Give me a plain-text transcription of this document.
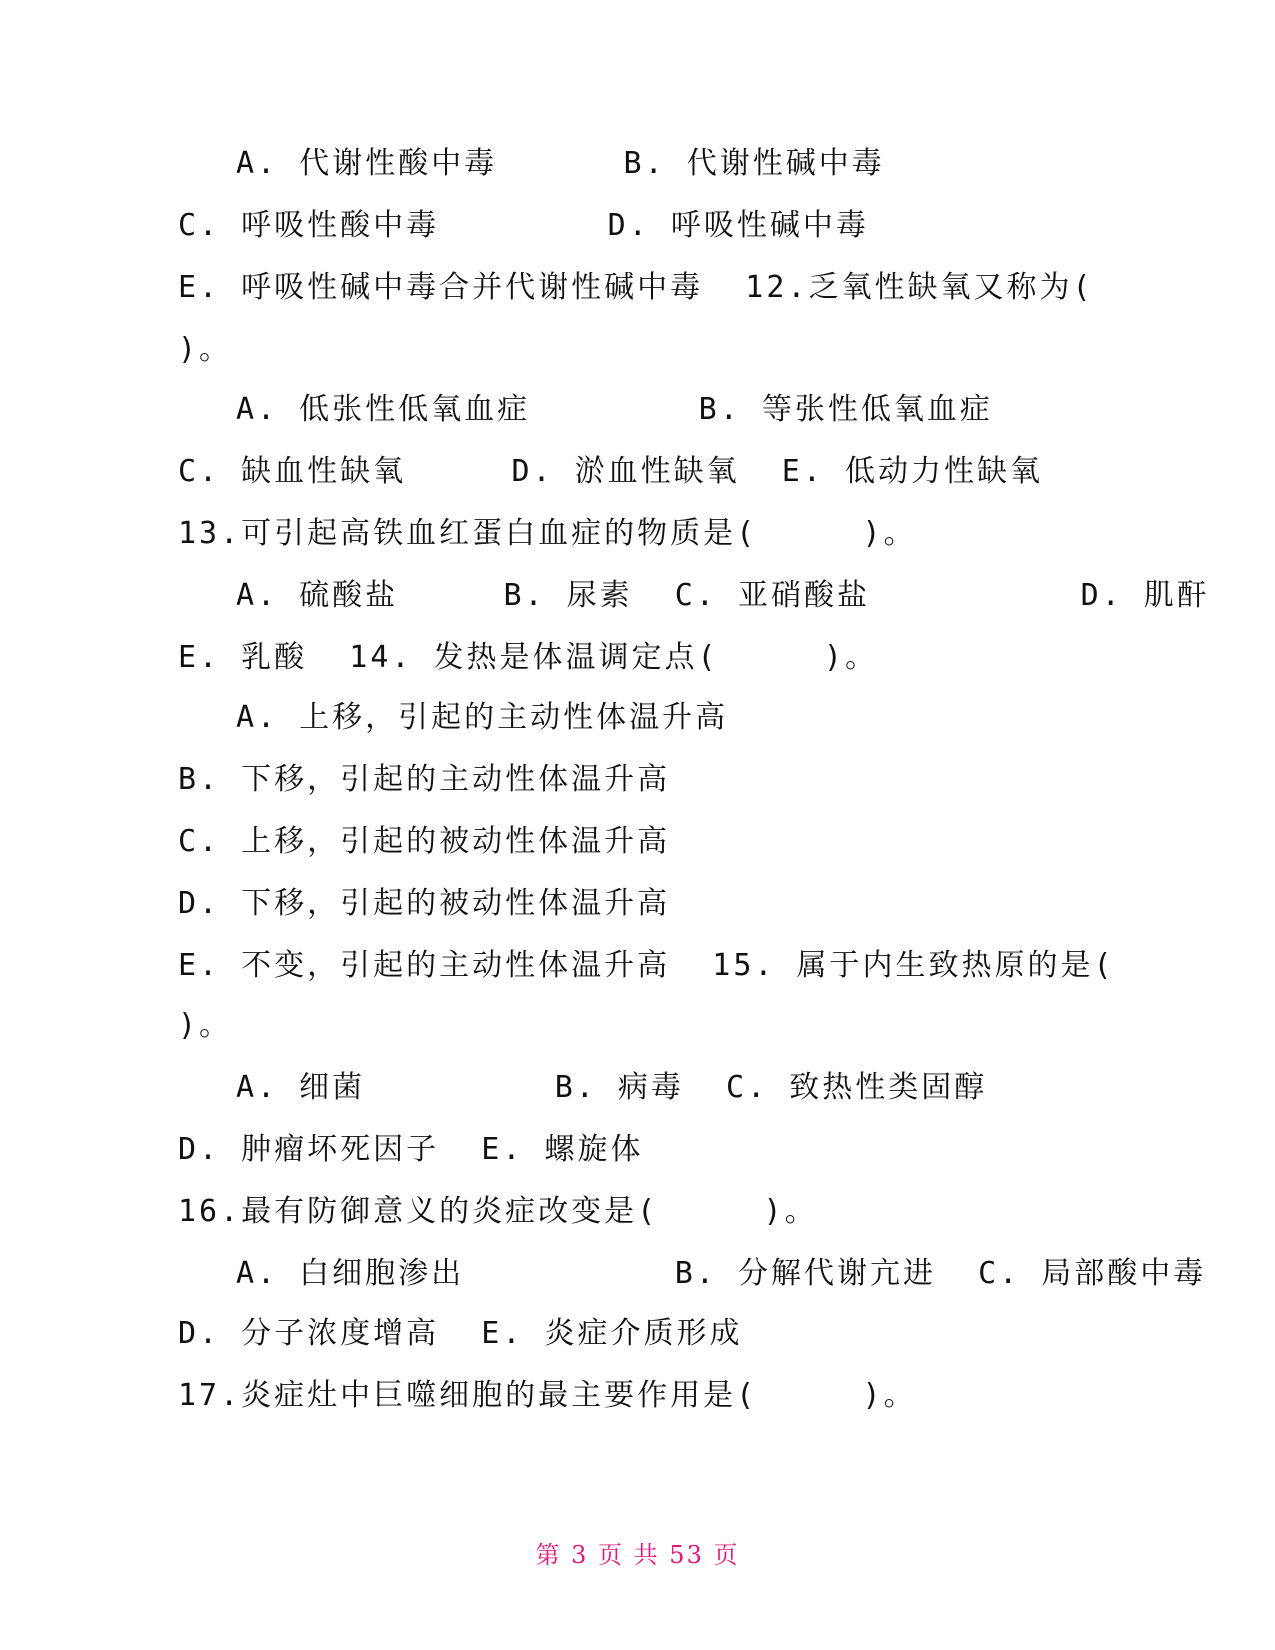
A. 代谢性酸中毒      B. 代谢性碱中毒
C. 呼吸性酸中毒        D. 呼吸性碱中毒
E. 呼吸性碱中毒合并代谢性碱中毒  12.乏氧性缺氧又称为(
)。
A. 低张性低氧血症        B. 等张性低氧血症
C. 缺血性缺氧     D. 淤血性缺氧  E. 低动力性缺氧
13.可引起高铁血红蛋白血症的物质是(     )。
A. 硫酸盐     B. 尿素  C. 亚硝酸盐          D. 肌酐
E. 乳酸  14. 发热是体温调定点(     )。
A. 上移，引起的主动性体温升高
B. 下移，引起的主动性体温升高
C. 上移，引起的被动性体温升高
D. 下移，引起的被动性体温升高
E. 不变，引起的主动性体温升高  15. 属于内生致热原的是(
)。
A. 细菌         B. 病毒  C. 致热性类固醇
D. 肿瘤坏死因子  E. 螺旋体
16.最有防御意义的炎症改变是(     )。
A. 白细胞渗出          B. 分解代谢亢进  C. 局部酸中毒
D. 分子浓度增高  E. 炎症介质形成
17.炎症灶中巨噬细胞的最主要作用是(     )。
第 3 页 共 53 页
